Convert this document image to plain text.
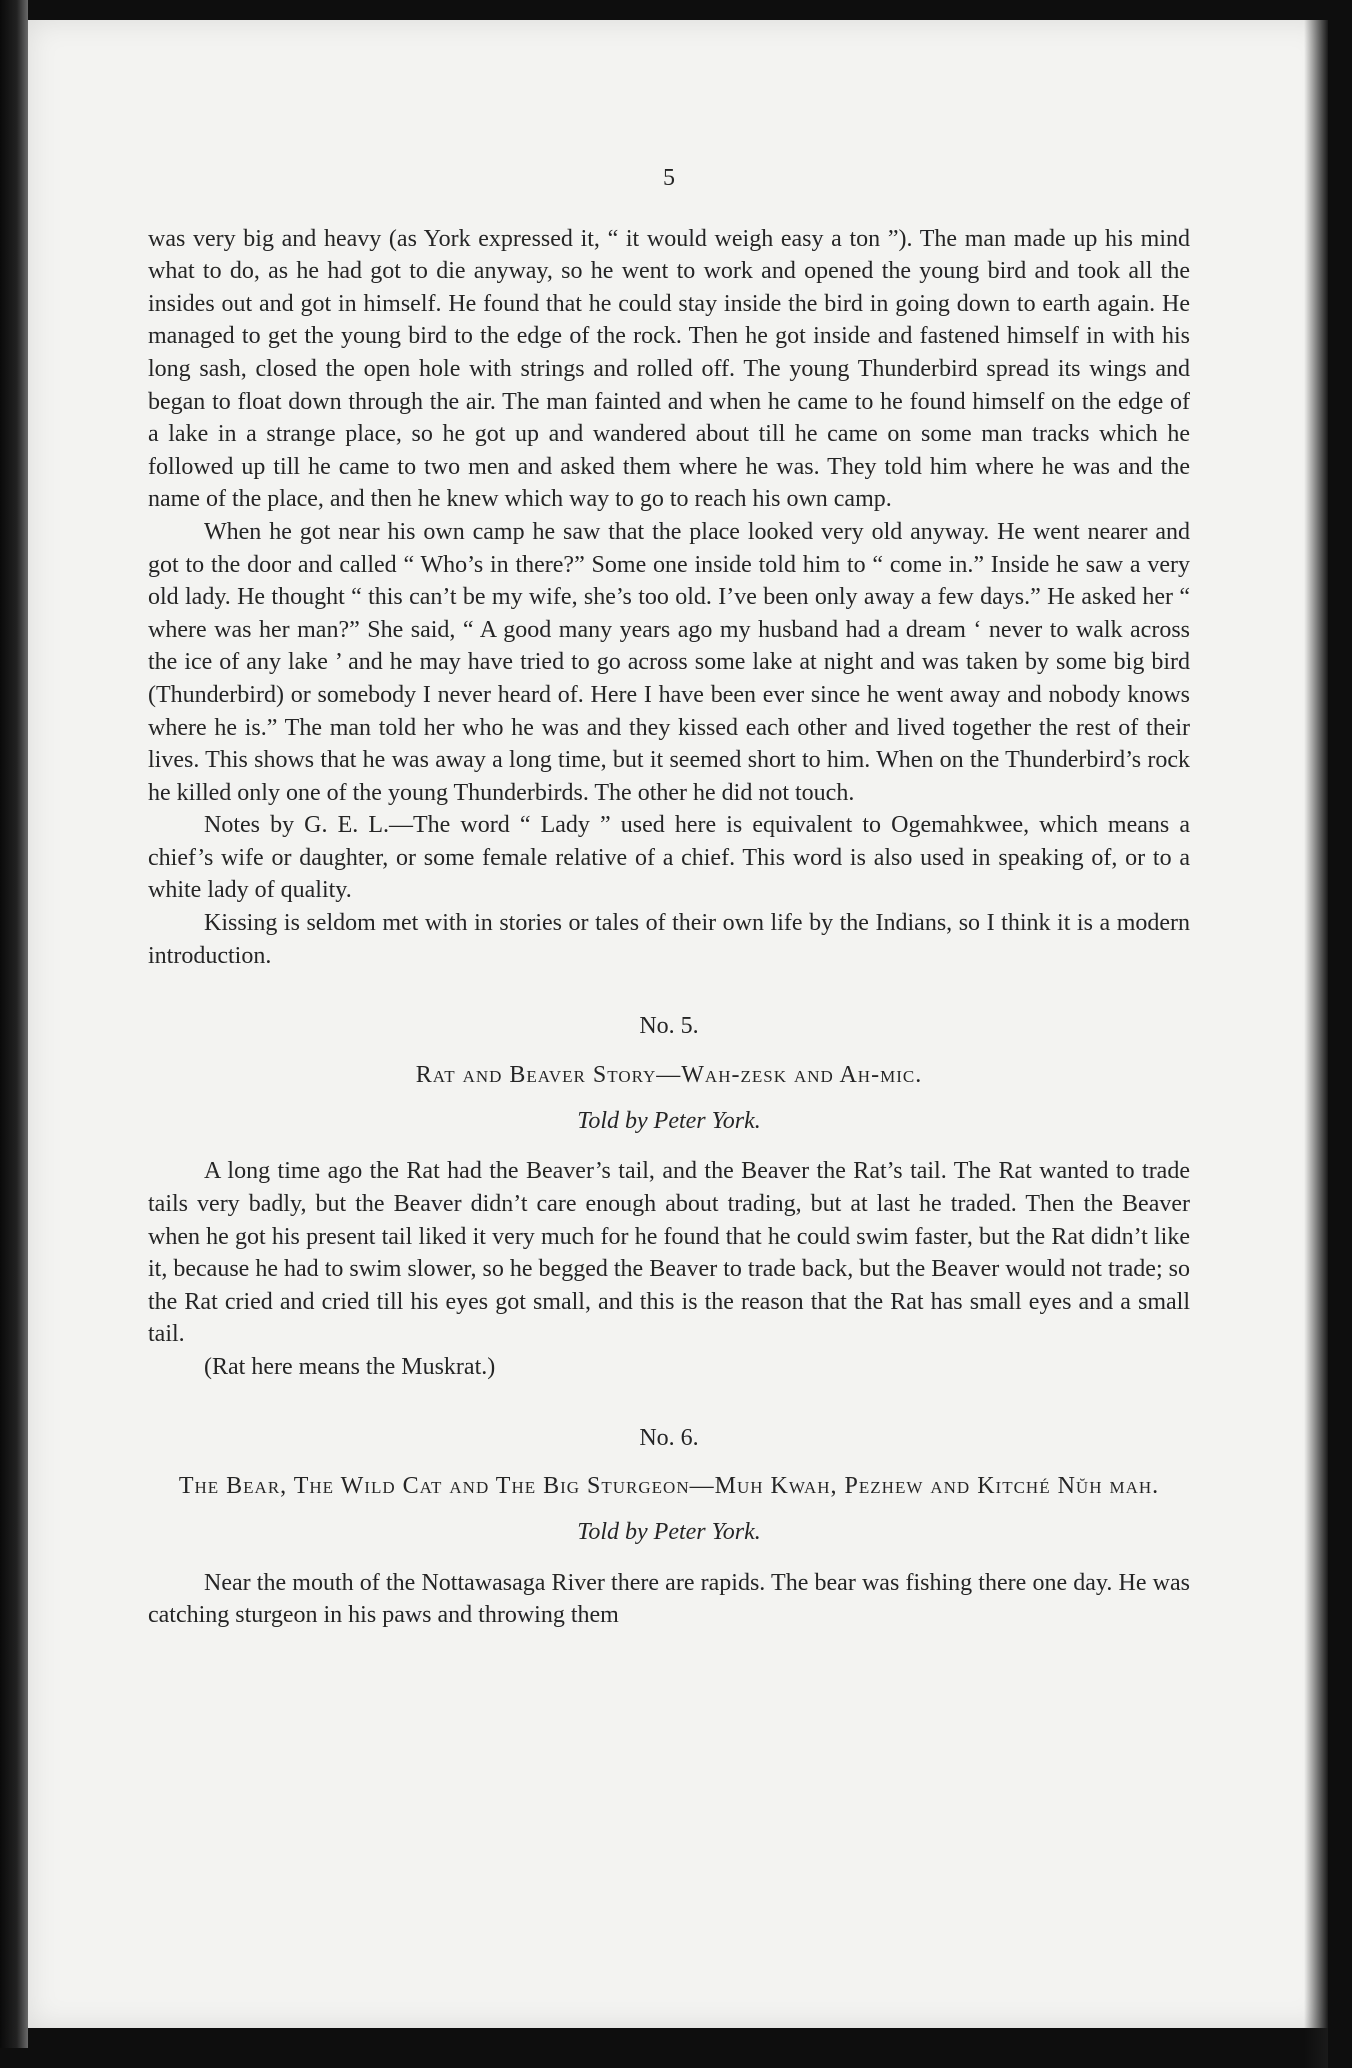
5

was very big and heavy (as York expressed it, “ it would weigh easy a ton ”). The man made up his mind what to do, as he had got to die anyway, so he went to work and opened the young bird and took all the insides out and got in himself. He found that he could stay inside the bird in going down to earth again. He managed to get the young bird to the edge of the rock. Then he got inside and fastened himself in with his long sash, closed the open hole with strings and rolled off. The young Thunderbird spread its wings and began to float down through the air. The man fainted and when he came to he found himself on the edge of a lake in a strange place, so he got up and wandered about till he came on some man tracks which he followed up till he came to two men and asked them where he was. They told him where he was and the name of the place, and then he knew which way to go to reach his own camp.

When he got near his own camp he saw that the place looked very old anyway. He went nearer and got to the door and called “ Who’s in there?” Some one inside told him to “ come in.” Inside he saw a very old lady. He thought “ this can’t be my wife, she’s too old. I’ve been only away a few days.” He asked her “ where was her man?” She said, “ A good many years ago my husband had a dream ‘ never to walk across the ice of any lake ’ and he may have tried to go across some lake at night and was taken by some big bird (Thunderbird) or somebody I never heard of. Here I have been ever since he went away and nobody knows where he is.” The man told her who he was and they kissed each other and lived together the rest of their lives. This shows that he was away a long time, but it seemed short to him. When on the Thunderbird’s rock he killed only one of the young Thunderbirds. The other he did not touch.

Notes by G. E. L.—The word “ Lady ” used here is equivalent to Ogemahkwee, which means a chief’s wife or daughter, or some female relative of a chief. This word is also used in speaking of, or to a white lady of quality.

Kissing is seldom met with in stories or tales of their own life by the Indians, so I think it is a modern introduction.

No. 5.
Rat and Beaver Story—Wah-zesk and Ah-mic.
Told by Peter York.

A long time ago the Rat had the Beaver’s tail, and the Beaver the Rat’s tail. The Rat wanted to trade tails very badly, but the Beaver didn’t care enough about trading, but at last he traded. Then the Beaver when he got his present tail liked it very much for he found that he could swim faster, but the Rat didn’t like it, because he had to swim slower, so he begged the Beaver to trade back, but the Beaver would not trade; so the Rat cried and cried till his eyes got small, and this is the reason that the Rat has small eyes and a small tail.

(Rat here means the Muskrat.)

No. 6.
The Bear, The Wild Cat and The Big Sturgeon—Muh Kwah, Pezhew and Kitché Nŭh mah.
Told by Peter York.

Near the mouth of the Nottawasaga River there are rapids. The bear was fishing there one day. He was catching sturgeon in his paws and throwing them
